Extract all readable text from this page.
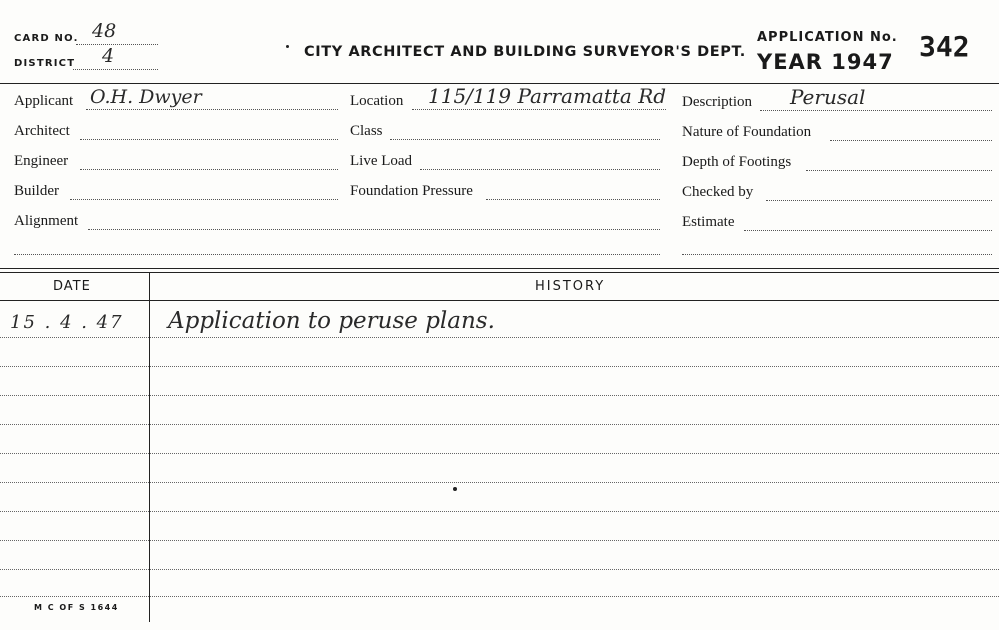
CARD NO. 48
DISTRICT 4	CITY ARCHITECT AND BUILDING SURVEYOR'S DEPT.
APPLICATION No. 342
YEAR 1947
Applicant O.H. Dwyer
Architect
Engineer
Builder
Alignment
Location 115/119 Parramatta Rd
Class
Live Load
Foundation Pressure
Description Perusal
Nature of Foundation
Depth of Footings
Checked by
Estimate
DATE	HISTORY
15 . 4 . 47 Application to peruse plans.
M C OF S 1644
